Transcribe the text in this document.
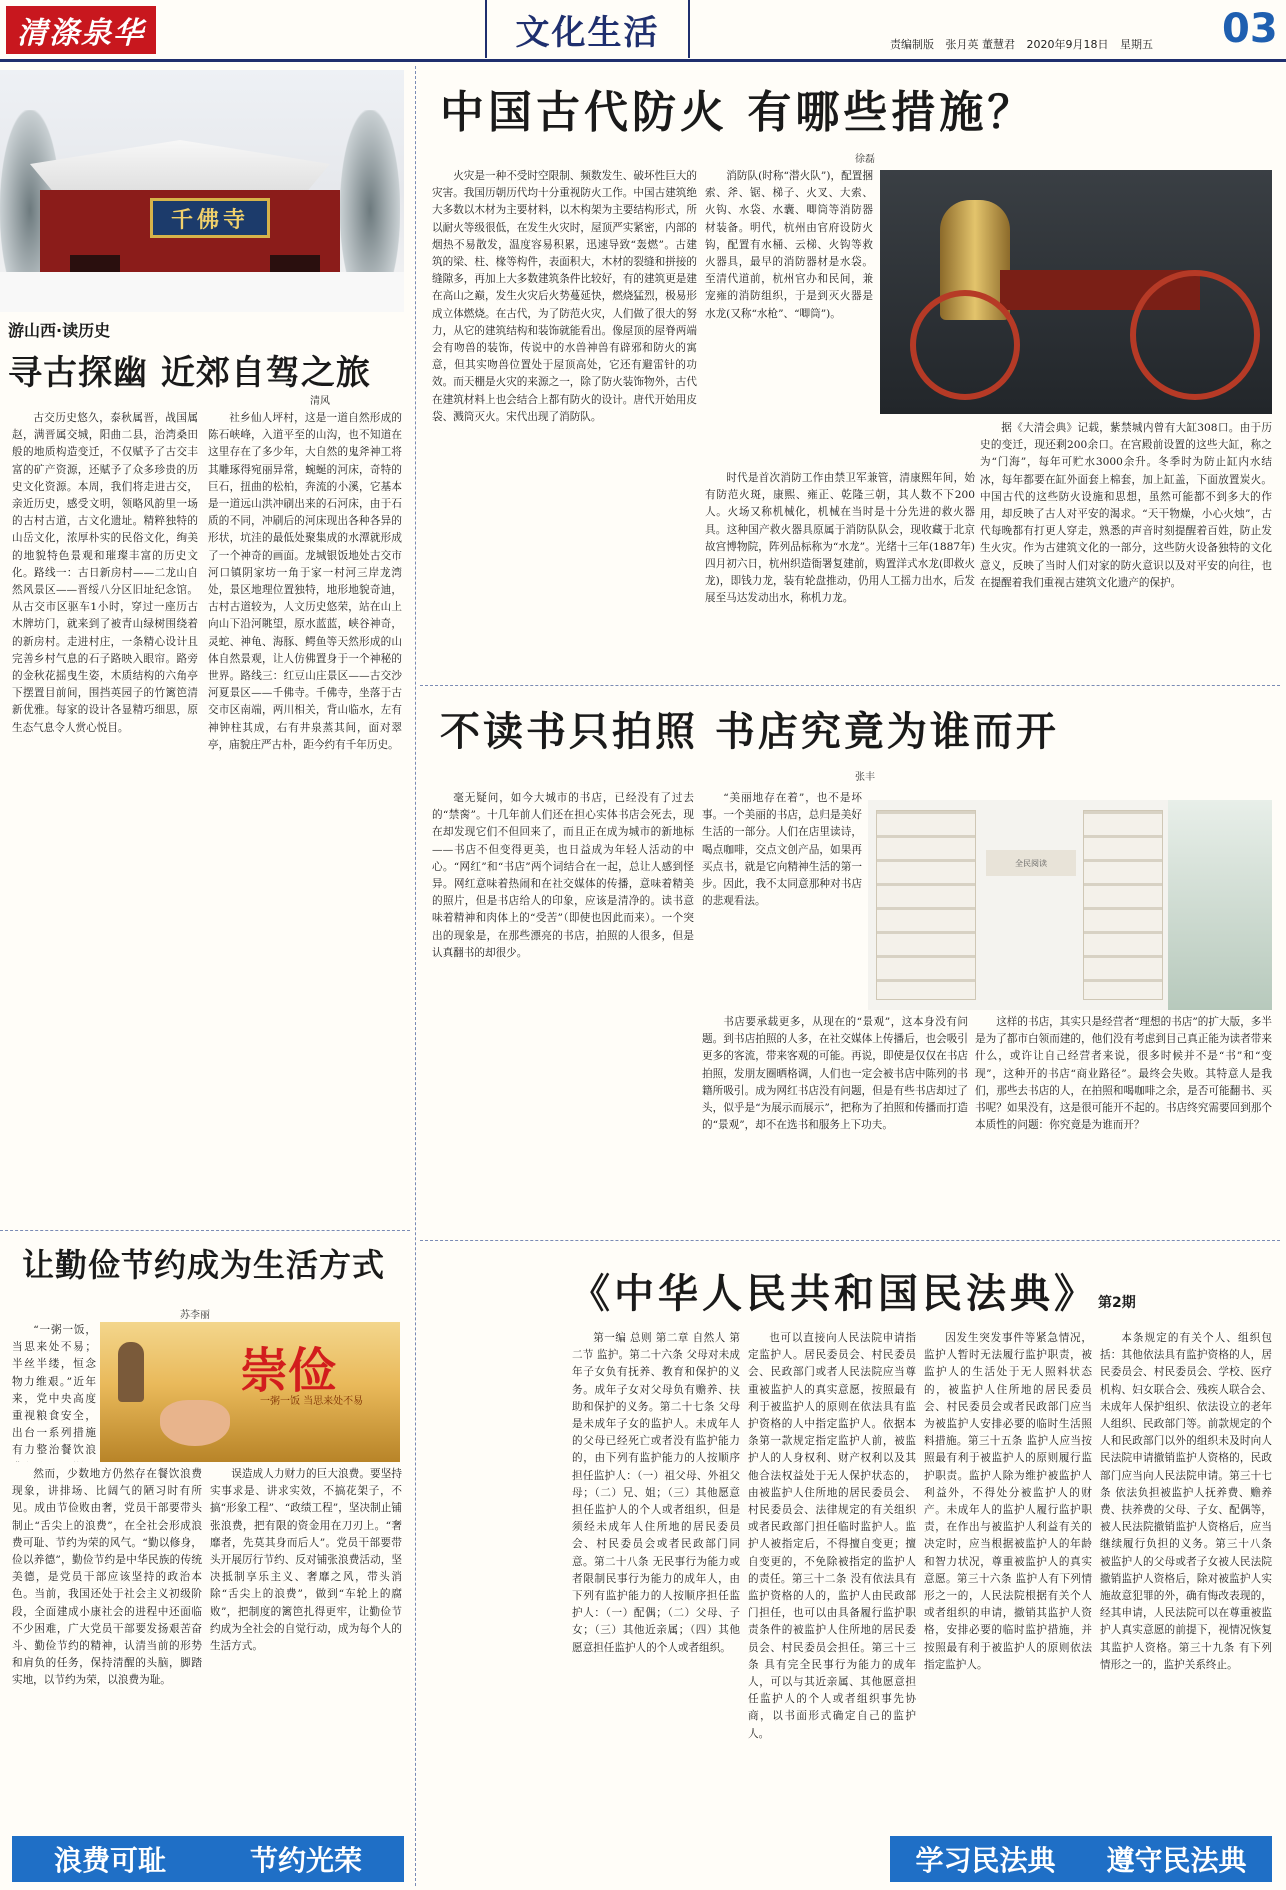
清涤泉华	文化生活	责编制版 张月英 董慧君 2020年9月18日 星期五 03
千佛寺
游山西·读历史
寻古探幽 近郊自驾之旅
清风

古交历史悠久，泰秋属晋，战国属赵，满晋属交城，阳曲二县，治湾桑田般的地质构造变迁，不仅赋予了古交丰富的矿产资源，还赋予了众多珍贵的历史文化资源。本周，我们将走进古交，亲近历史，感受文明，领略风韵里一场的古村古道，古文化遗址。精粹独特的山岳文化，浓厚朴实的民俗文化，绚美的地貌特色景观和璀璨丰富的历史文化。路线一：古日新房村——二龙山自然风景区——晋绥八分区旧址纪念馆。从古交市区驱车1小时，穿过一座历古木牌坊门，就来到了被青山绿树围绕着的新房村。走进村庄，一条精心设计且完善乡村气息的石子路映入眼帘。路旁的金秋花摇曳生姿，木质结构的六角亭下摆置目前间，围挡英园子的竹篱笆清新优雅。每家的设计各显精巧细思，原生态气息令人赏心悦目。

社乡仙人坪村，这是一道自然形成的陈石峡峰，入道平至的山沟，也不知道在这里存在了多少年，大自然的鬼斧神工将其雕琢得宛丽异常，蜿蜒的河床，奇特的巨石，扭曲的松柏，奔流的小溪，它基本是一道远山洪冲刷出来的石河床，由于石质的不同，冲刷后的河床现出各种各异的形状，坑洼的最低处聚集成的水潭就形成了一个神奇的画面。龙城银饭地处古交市河口镇阴家坊一角于家一村河三岸龙湾处，景区地理位置独特，地形地貌奇迪，古村古道较为，人文历史悠荣，站在山上向山下沿河眺望，原水蓝蓝，峡谷神奇，灵蛇、神龟、海豚、鳄鱼等天然形成的山体自然景观，让人仿佛置身于一个神秘的世界。路线三：红豆山庄景区——古交沙河夏景区——千佛寺。千佛寺，坐落于古交市区南端，两川相关，背山临水，左有神钟柱其成，右有井泉蒸其间，面对翠亭，庙貌庄严古朴，距今约有千年历史。

让勤俭节约成为生活方式
苏李丽

“一粥一饭，当思来处不易；半丝半缕，恒念物力维艰。”近年来，党中央高度重视粮食安全，出台一系列措施有力整治餐饮浪

崇俭
一粥一饭 当思来处不易

然而，少数地方仍然存在餐饮浪费现象，讲排场、比阔气的陋习时有所见。成由节俭败由奢，党员干部要带头制止“舌尖上的浪费”，在全社会形成浪费可耻、节约为荣的风气。“勤以修身，俭以养德”，勤俭节约是中华民族的传统美德，是党员干部应该坚持的政治本色。当前，我国还处于社会主义初级阶段，全面建成小康社会的进程中还面临不少困难，广大党员干部要发扬艰苦奋斗、勤俭节约的精神，认清当前的形势和肩负的任务，保持清醒的头脑，脚踏实地，以节约为荣，以浪费为耻。

误造成人力财力的巨大浪费。要坚持实事求是、讲求实效，不搞花架子，不搞“形象工程”、“政绩工程”，坚决制止铺张浪费，把有限的资金用在刀刃上。“奢靡者，先莫其身而后人”。党员干部要带头开展厉行节约、反对铺张浪费活动，坚决抵制享乐主义、奢靡之风，带头消除“舌尖上的浪费”，做到“车轮上的腐败”，把制度的篱笆扎得更牢，让勤俭节约成为全社会的自觉行动，成为每个人的生活方式。

浪费可耻	节约光荣
中国古代防火 有哪些措施？
徐磊

火灾是一种不受时空限制、频数发生、破坏性巨大的灾害。我国历朝历代均十分重视防火工作。中国古建筑绝大多数以木材为主要材料，以木构架为主要结构形式，所以耐火等级很低，在发生火灾时，屋顶严实紧密，内部的烟热不易散发，温度容易积累，迅速导致“轰燃”。古建筑的梁、柱、椽等构件，表面积大，木材的裂缝和拼接的缝隙多，再加上大多数建筑条件比较好，有的建筑更是建在高山之巅，发生火灾后火势蔓延快，燃烧猛烈，极易形成立体燃烧。在古代，为了防范火灾，人们做了很大的努力，从它的建筑结构和装饰就能看出。像屋顶的屋脊两端会有吻兽的装饰，传说中的水兽神兽有辟邪和防火的寓意，但其实吻兽位置处于屋顶高处，它还有避雷针的功效。而天棚是火灾的来源之一，除了防火装饰物外，古代在建筑材料上也会结合上都有防火的设计。唐代开始用皮袋、溅筒灭火。宋代出现了消防队。

消防队(时称“潜火队”)，配置捆索、斧、锯、梯子、火叉、大索、火钩、水袋、水囊、唧筒等消防器材装备。明代，杭州由官府设防火钩，配置有水桶、云梯、火钩等救火器具，最早的消防器材是水袋。至清代道前，杭州官办和民间，兼宠雍的消防组织，于是到灭火器是水龙(又称“水枪”、“唧筒”)。

时代是首次消防工作由禁卫军兼管，清康熙年间，始有防范火斑，康熙、雍正、乾隆三朝，其人数不下200人。火场又称机械化，机械在当时是十分先进的救火器具。这种国产救火器具原属于消防队队会，现收藏于北京故宫博物院，阵列品标称为“水龙”。光绪十三年(1887年)四月初六日，杭州织造衙署复建前，购置洋式水龙(即救火龙)，即钱力龙，装有轮盘推动，仍用人工摇力出水，后发展至马达发动出水，称机力龙。

据《大清会典》记载，紫禁城内曾有大缸308口。由于历史的变迁，现还剩200余口。在宫殿前设置的这些大缸，称之为“门海”，每年可贮水3000余升。冬季时为防止缸内水结冰，每年都要在缸外面套上棉套，加上缸盖，下面放置炭火。中国古代的这些防火设施和思想，虽然可能都不到多大的作用，却反映了古人对平安的渴求。“天干物燥，小心火烛”，古代每晚都有打更人穿走，熟悉的声音时刻提醒着百姓，防止发生火灾。作为古建筑文化的一部分，这些防火设备独特的文化意义，反映了当时人们对家的防火意识以及对平安的向往，也在提醒着我们重视古建筑文化遗产的保护。

不读书只拍照 书店究竟为谁而开
张丰

毫无疑问，如今大城市的书店，已经没有了过去的“禁脔”。十几年前人们还在担心实体书店会死去，现在却发现它们不但回来了，而且正在成为城市的新地标——书店不但变得更美，也日益成为年轻人活动的中心。“网红”和“书店”两个词结合在一起，总让人感到怪异。网红意味着热闹和在社交媒体的传播，意味着精美的照片，但是书店给人的印象，应该是清净的。读书意味着精神和肉体上的“受苦”（即使也因此而来）。一个突出的现象是，在那些漂亮的书店，拍照的人很多，但是认真翻书的却很少。

“美丽地存在着”，也不是坏事。一个美丽的书店，总归是美好生活的一部分。人们在店里读诗，喝点咖啡，交点文创产品，如果再买点书，就是它向精神生活的第一步。因此，我不太同意那种对书店的悲观看法。

全民阅读

书店要承载更多，从现在的“景观”，这本身没有问题。到书店拍照的人多，在社交媒体上传播后，也会吸引更多的客流，带来客观的可能。再说，即使是仅仅在书店拍照，发朋友圈晒格调，人们也一定会被书店中陈列的书籍所吸引。成为网红书店没有问题，但是有些书店却过了头，似乎是“为展示而展示”，把称为了拍照和传播而打造的“景观”，却不在选书和服务上下功夫。

这样的书店，其实只是经营者“理想的书店”的扩大版，多半是为了都市白领而建的，他们没有考虑到目己真正能为读者带来什么，或许让自己经营者来说，很多时候并不是“书”和“变现”，这种开的书店“商业路径”。最终会失败。其特意人是我们，那些去书店的人，在拍照和喝咖啡之余，是否可能翻书、买书呢？如果没有，这是很可能开不起的。书店终究需要回到那个本质性的问题：你究竟是为谁而开？

《中华人民共和国民法典》第2期

第一编 总则 第二章 自然人 第二节 监护。第二十六条 父母对未成年子女负有抚养、教育和保护的义务。成年子女对父母负有赡养、扶助和保护的义务。第二十七条 父母是未成年子女的监护人。未成年人的父母已经死亡或者没有监护能力的，由下列有监护能力的人按顺序担任监护人：（一）祖父母、外祖父母；（二）兄、姐；（三）其他愿意担任监护人的个人或者组织，但是须经未成年人住所地的居民委员会、村民委员会或者民政部门同意。第二十八条 无民事行为能力或者限制民事行为能力的成年人，由下列有监护能力的人按顺序担任监护人：（一）配偶；（二）父母、子女；（三）其他近亲属；（四）其他愿意担任监护人的个人或者组织。

也可以直接向人民法院申请指定监护人。居民委员会、村民委员会、民政部门或者人民法院应当尊重被监护人的真实意愿，按照最有利于被监护人的原则在依法具有监护资格的人中指定监护人。依据本条第一款规定指定监护人前，被监护人的人身权利、财产权利以及其他合法权益处于无人保护状态的，由被监护人住所地的居民委员会、村民委员会、法律规定的有关组织或者民政部门担任临时监护人。监护人被指定后，不得擅自变更；擅自变更的，不免除被指定的监护人的责任。第三十二条 没有依法具有监护资格的人的，监护人由民政部门担任，也可以由具备履行监护职责条件的被监护人住所地的居民委员会、村民委员会担任。第三十三条 具有完全民事行为能力的成年人，可以与其近亲属、其他愿意担任监护人的个人或者组织事先协商，以书面形式确定自己的监护人。

因发生突发事件等紧急情况，监护人暂时无法履行监护职责，被监护人的生活处于无人照料状态的，被监护人住所地的居民委员会、村民委员会或者民政部门应当为被监护人安排必要的临时生活照料措施。第三十五条 监护人应当按照最有利于被监护人的原则履行监护职责。监护人除为维护被监护人利益外，不得处分被监护人的财产。未成年人的监护人履行监护职责，在作出与被监护人利益有关的决定时，应当根据被监护人的年龄和智力状况，尊重被监护人的真实意愿。第三十六条 监护人有下列情形之一的，人民法院根据有关个人或者组织的申请，撤销其监护人资格，安排必要的临时监护措施，并按照最有利于被监护人的原则依法指定监护人。

本条规定的有关个人、组织包括：其他依法具有监护资格的人，居民委员会、村民委员会、学校、医疗机构、妇女联合会、残疾人联合会、未成年人保护组织、依法设立的老年人组织、民政部门等。前款规定的个人和民政部门以外的组织未及时向人民法院申请撤销监护人资格的，民政部门应当向人民法院申请。第三十七条 依法负担被监护人抚养费、赡养费、扶养费的父母、子女、配偶等，被人民法院撤销监护人资格后，应当继续履行负担的义务。第三十八条 被监护人的父母或者子女被人民法院撤销监护人资格后，除对被监护人实施故意犯罪的外，确有悔改表现的，经其申请，人民法院可以在尊重被监护人真实意愿的前提下，视情况恢复其监护人资格。第三十九条 有下列情形之一的，监护关系终止。

学习民法典 遵守民法典
